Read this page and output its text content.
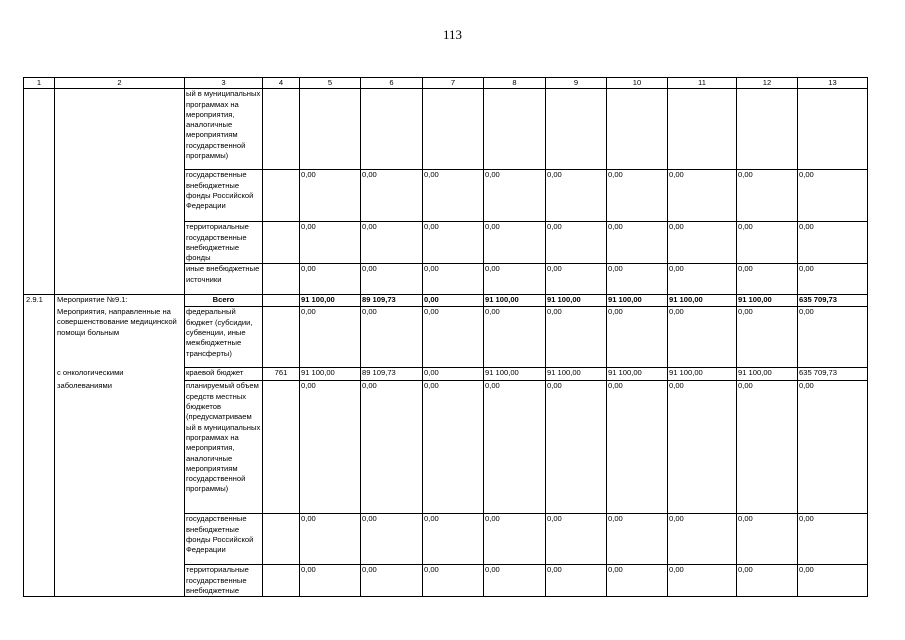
113
1	2	3	4	5	6	7	8	9	10	11	12	13
		ый в муниципальных программах на мероприятия, аналогичные мероприятиям государственной программы)										
		государственные внебюджетные фонды Российской Федерации		0,00	0,00	0,00	0,00	0,00	0,00	0,00	0,00	0,00
		территориальные государственные внебюджетные фонды		0,00	0,00	0,00	0,00	0,00	0,00	0,00	0,00	0,00
		иные внебюджетные источники		0,00	0,00	0,00	0,00	0,00	0,00	0,00	0,00	0,00
2.9.1	Мероприятие №9.1:	Всего		91 100,00	89 109,73	0,00	91 100,00	91 100,00	91 100,00	91 100,00	91 100,00	635 709,73
	Мероприятия, направленные на совершенствование медицинской помощи больным	федеральный бюджет (субсидии, субвенции, иные межбюджетные трансферты)		0,00	0,00	0,00	0,00	0,00	0,00	0,00	0,00	0,00
	с онкологическими	краевой бюджет	761	91 100,00	89 109,73	0,00	91 100,00	91 100,00	91 100,00	91 100,00	91 100,00	635 709,73
	заболеваниями	планируемый объем средств местных бюджетов (предусматриваем ый в муниципальных программах на мероприятия, аналогичные мероприятиям государственной программы)		0,00	0,00	0,00	0,00	0,00	0,00	0,00	0,00	0,00
		государственные внебюджетные фонды Российской Федерации		0,00	0,00	0,00	0,00	0,00	0,00	0,00	0,00	0,00
		территориальные государственные внебюджетные		0,00	0,00	0,00	0,00	0,00	0,00	0,00	0,00	0,00
